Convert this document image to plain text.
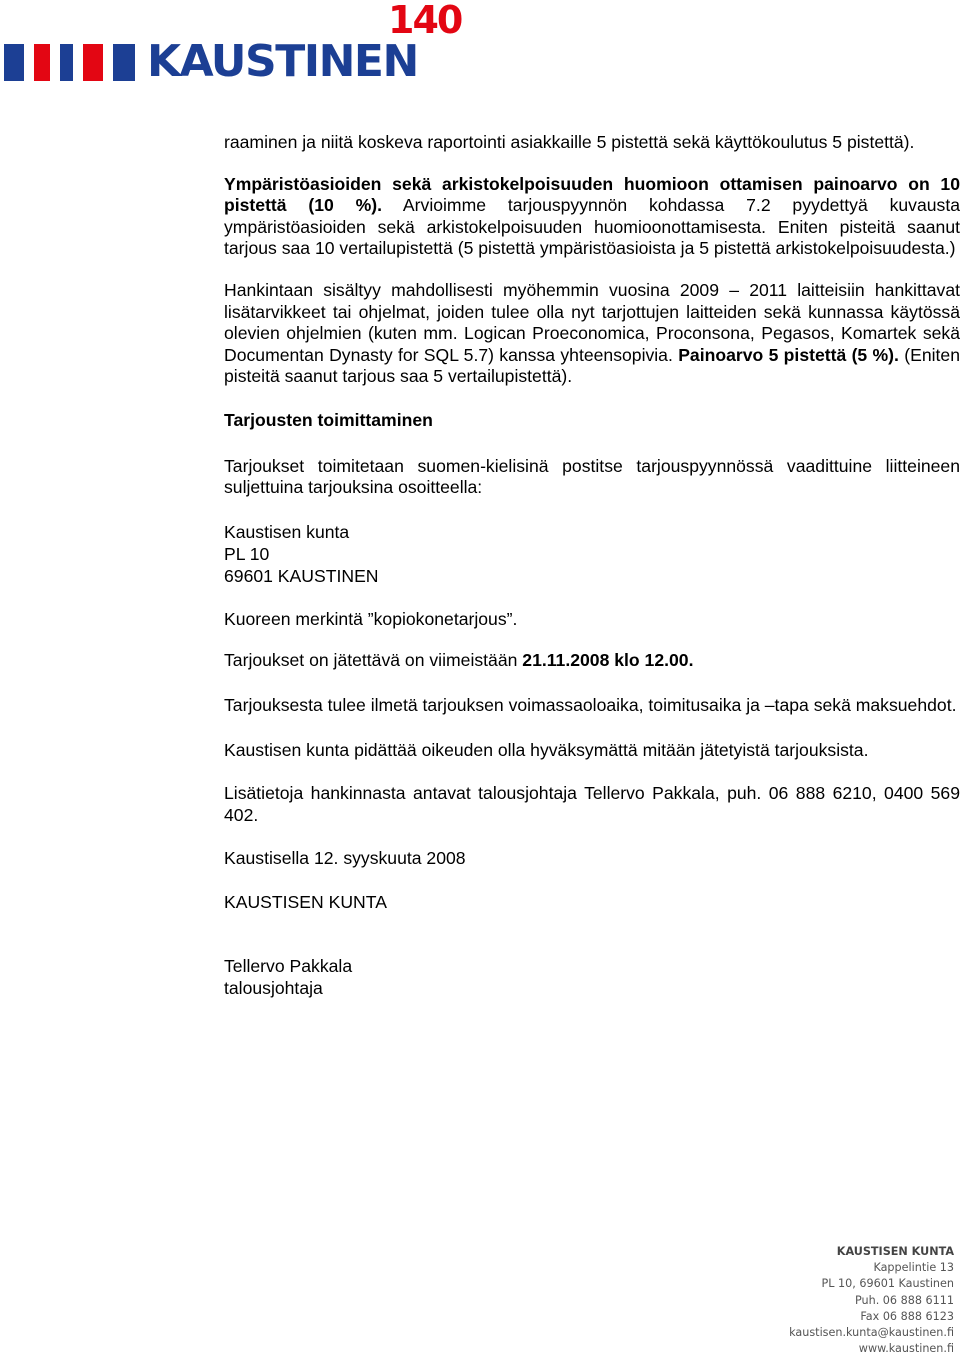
KAUSTINEN
140

raaminen ja niitä koskeva raportointi asiakkaille 5 pistettä sekä käyttökoulutus 5 pistettä).

Ympäristöasioiden sekä arkistokelpoisuuden huomioon ottamisen painoarvo on 10 pistettä (10 %). Arvioimme tarjouspyynnön kohdassa 7.2 pyydettyä kuvausta ympäristöasioiden sekä arkistokelpoisuuden huomioonottamisesta. Eniten pisteitä saanut tarjous saa 10 vertailupistettä (5 pistettä ympäristöasioista ja 5 pistettä arkistokelpoisuudesta.)

Hankintaan sisältyy mahdollisesti myöhemmin vuosina 2009 – 2011 laitteisiin hankittavat lisätarvikkeet tai ohjelmat, joiden tulee olla nyt tarjottujen laitteiden sekä kunnassa käytössä olevien ohjelmien (kuten mm. Logican Proeconomica, Proconsona, Pegasos, Komartek sekä Documentan Dynasty for SQL 5.7) kanssa yhteensopivia. Painoarvo 5 pistettä (5 %). (Eniten pisteitä saanut tarjous saa 5 vertailupistettä).

Tarjousten toimittaminen

Tarjoukset toimitetaan suomen-kielisinä postitse tarjouspyynnössä vaadittuine liitteineen suljettuina tarjouksina osoitteella:

Kaustisen kunta

PL 10

69601 KAUSTINEN

Kuoreen merkintä ”kopiokonetarjous”.

Tarjoukset on jätettävä on viimeistään 21.11.2008 klo 12.00.

Tarjouksesta tulee ilmetä tarjouksen voimassaoloaika, toimitusaika ja –tapa sekä maksuehdot.

Kaustisen kunta pidättää oikeuden olla hyväksymättä mitään jätetyistä tarjouksista.

Lisätietoja hankinnasta antavat talousjohtaja Tellervo Pakkala, puh. 06 888 6210, 0400 569 402.

Kaustisella 12. syyskuuta 2008

KAUSTISEN KUNTA

Tellervo Pakkala

talousjohtaja

KAUSTISEN KUNTA
Kappelintie 13
PL 10, 69601 Kaustinen
Puh. 06 888 6111
Fax 06 888 6123
kaustisen.kunta@kaustinen.fi
www.kaustinen.fi
